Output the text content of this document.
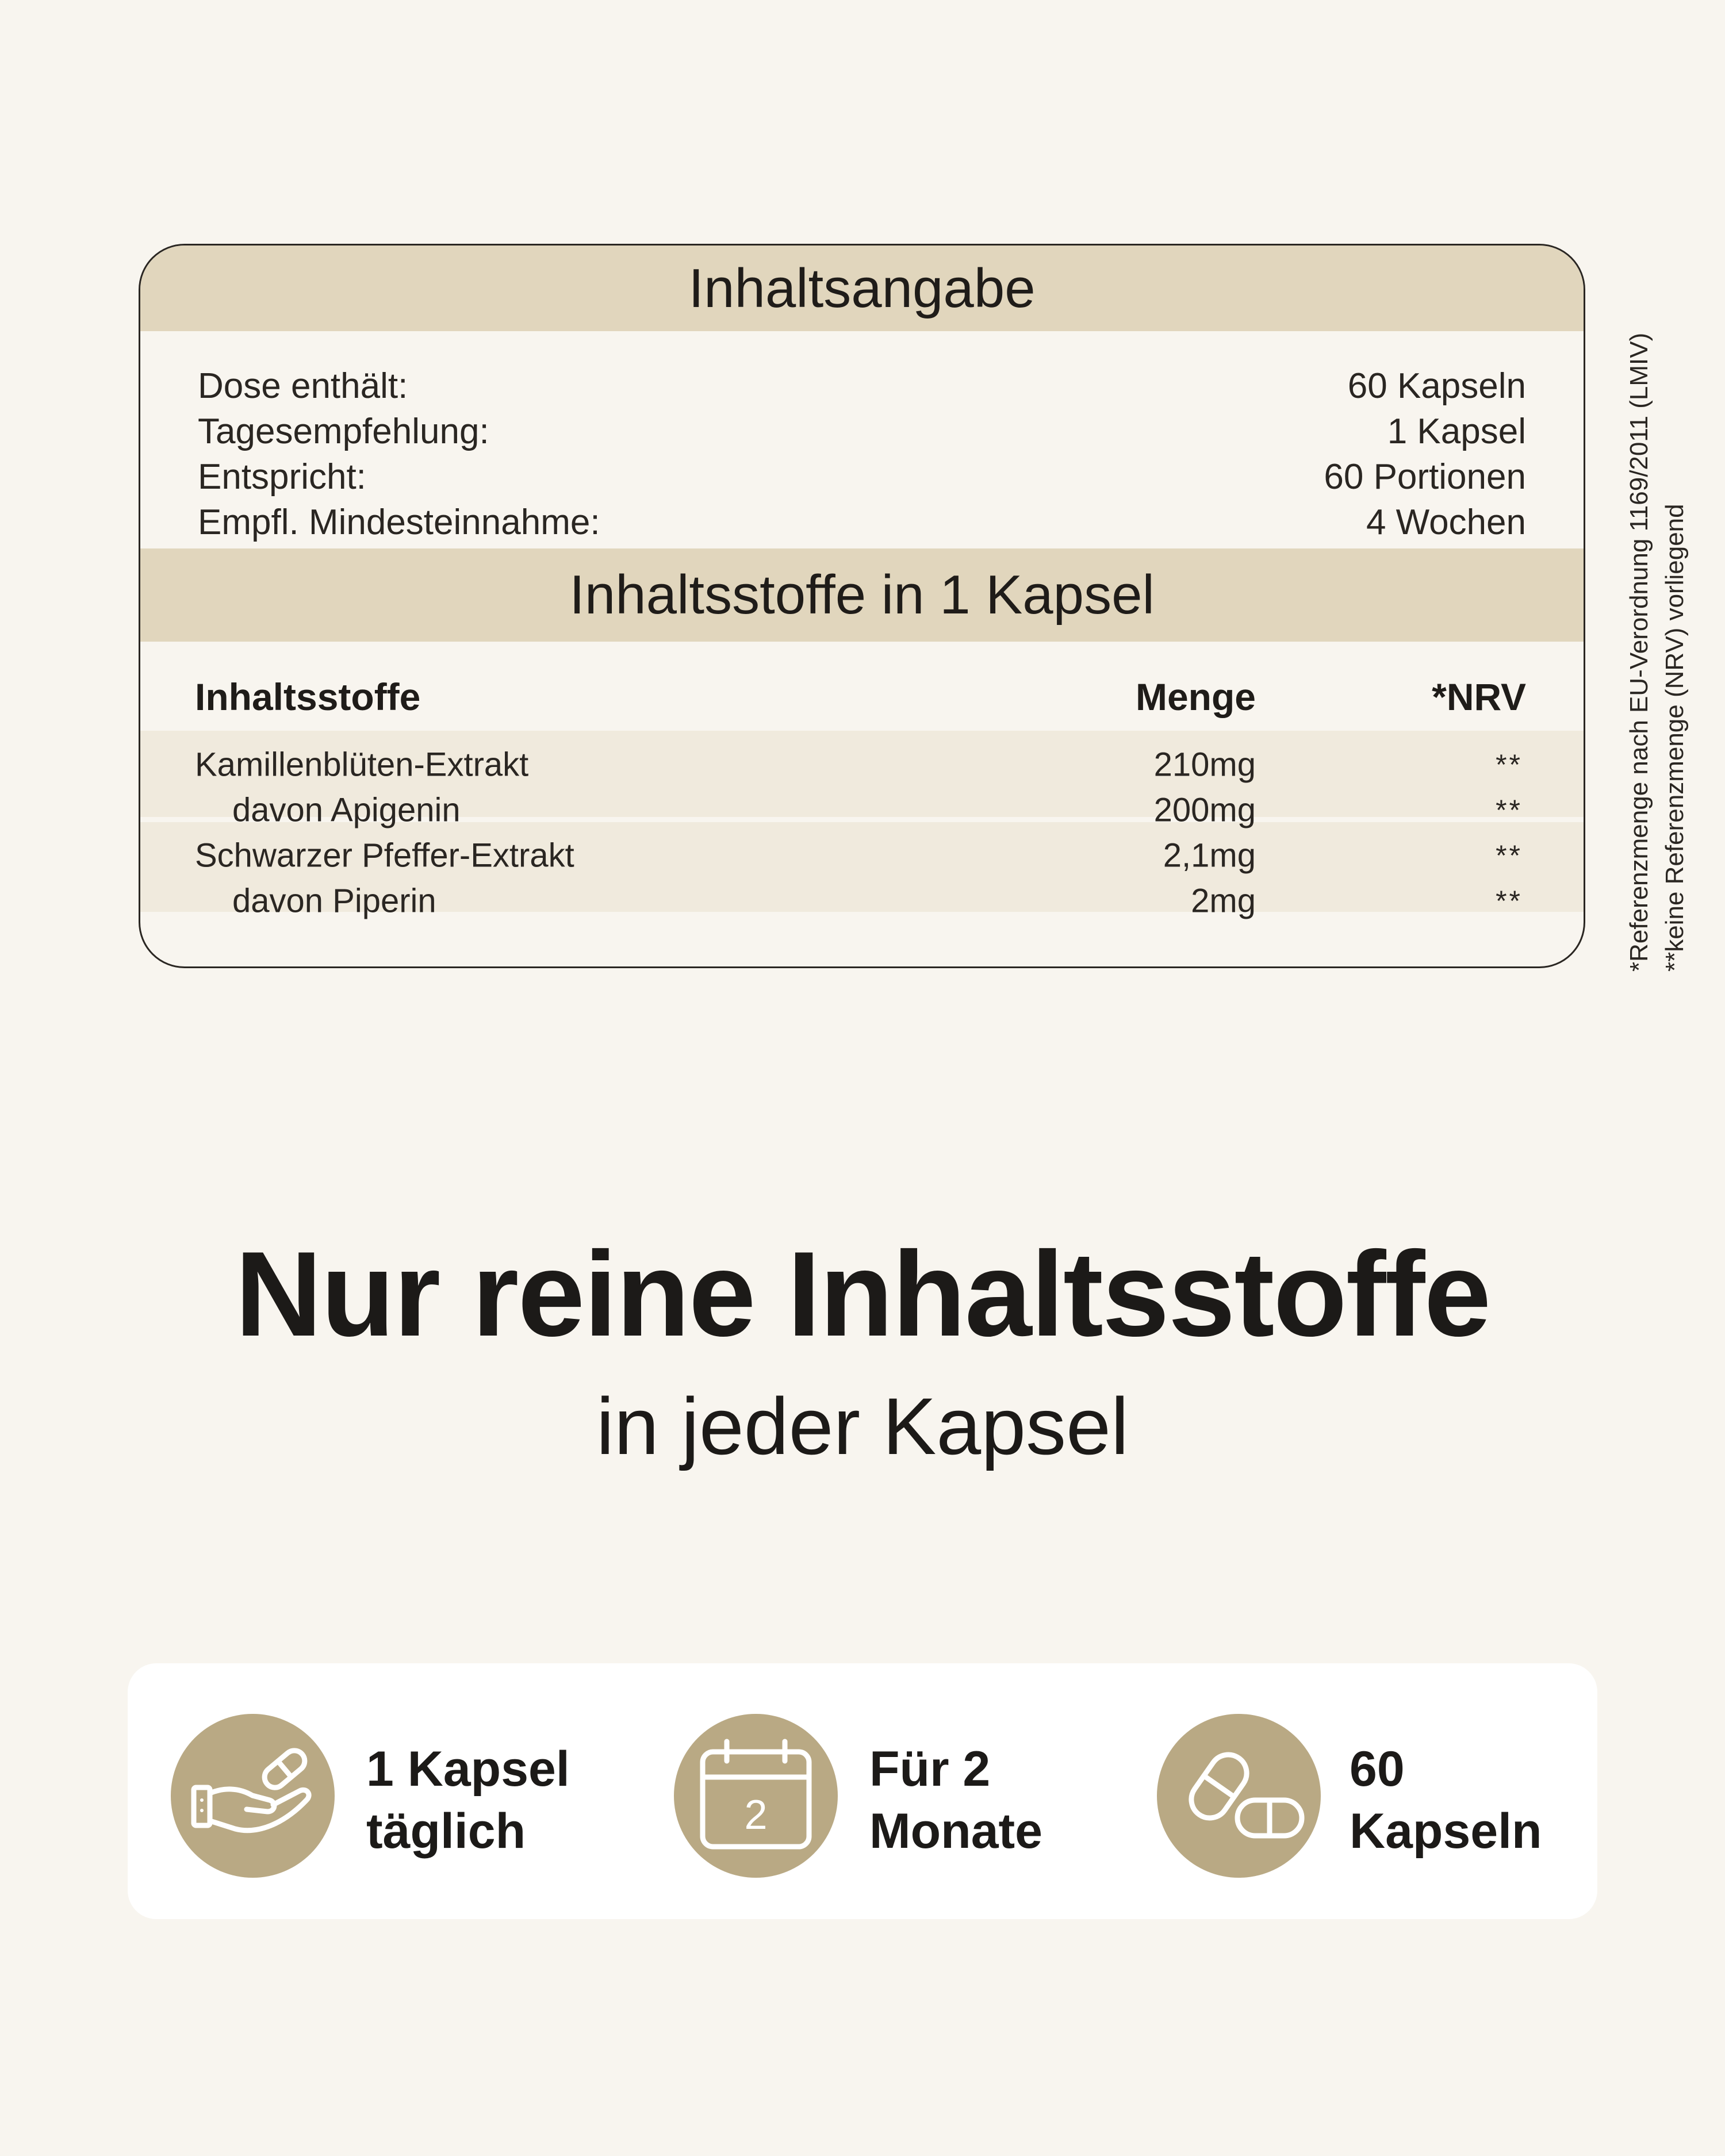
Inhaltsangabe
Dose enthält:	60 Kapseln
Tagesempfehlung:	1 Kapsel
Entspricht:	60 Portionen
Empfl. Mindesteinnahme:	4 Wochen
Inhaltsstoffe in 1 Kapsel
Inhaltsstoffe	Menge	*NRV
Kamillenblüten-Extrakt	210mg	**
davon Apigenin	200mg	**
Schwarzer Pfeffer-Extrakt	2,1mg	**
davon Piperin	2mg	**	*Referenzmenge nach EU-Verordnung 1169/2011 (LMIV) **keine Referenzmenge (NRV) vorliegend
Nur reine Inhaltsstoffe
in jeder Kapsel
1 Kapsel
täglich	2
Für 2
Monate
60
Kapseln
